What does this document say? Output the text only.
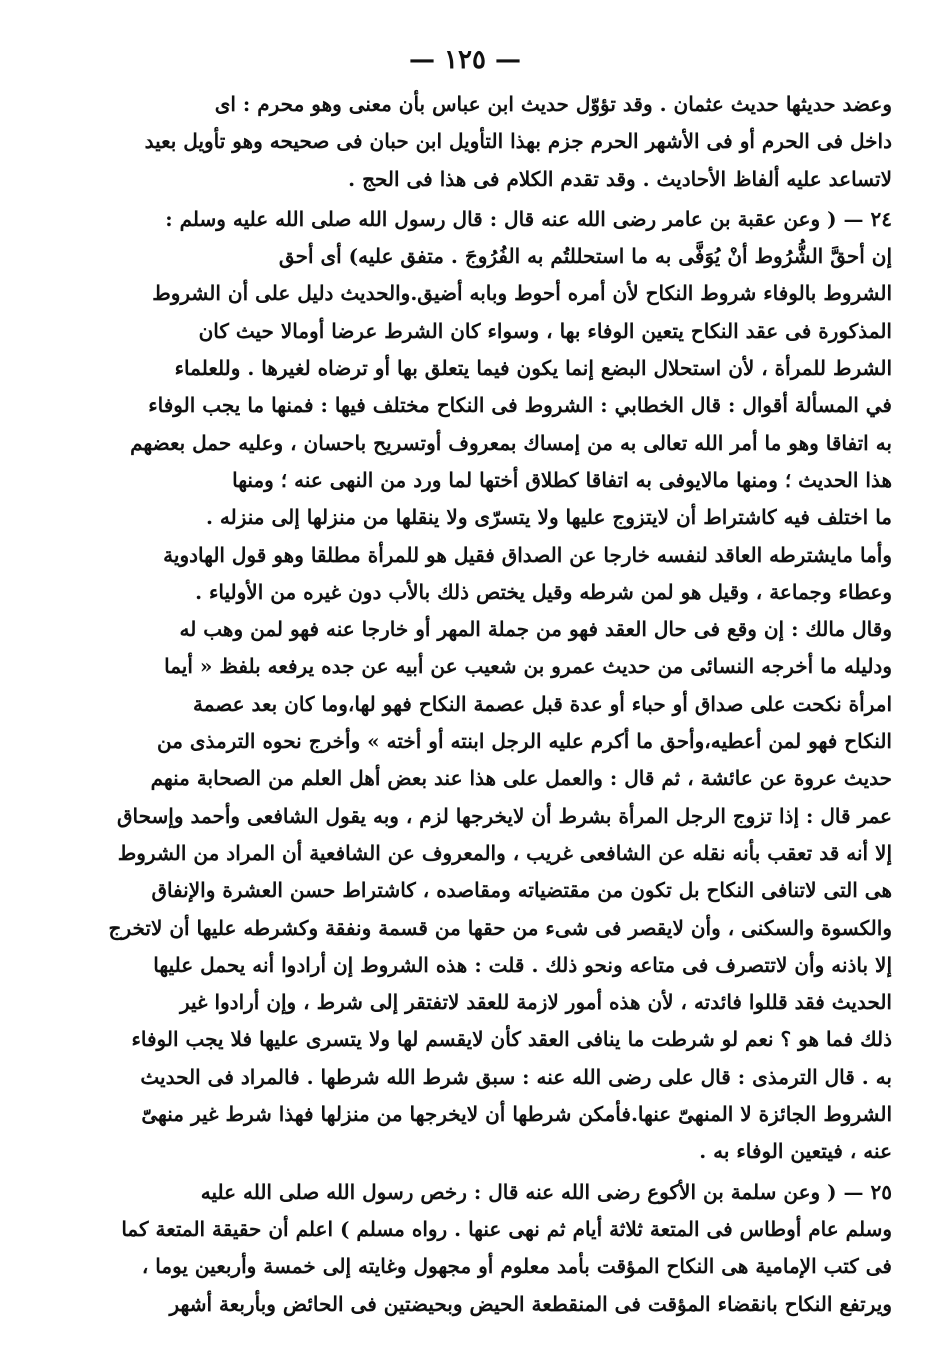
— ١٢٥ —
وعضد حديثها حديث عثمان . وقد تؤوّل حديث ابن عباس بأن معنى وهو محرم : اى
داخل فى الحرم أو فى الأشهر الحرم جزم بهذا التأويل ابن حبان فى صحيحه وهو تأويل بعيد
لاتساعد عليه ألفاظ الأحاديث . وقد تقدم الكلام فى هذا فى الحج .
٢٤ — ( وعن عقبة بن عامر رضى الله عنه قال : قال رسول الله صلى الله عليه وسلم :
إن أحقَّ الشُّرُوط أنْ يُوَفَّى به ما استحللتُم به الفُرُوجَ . متفق عليه) أى أحق
الشروط بالوفاء شروط النكاح لأن أمره أحوط وبابه أضيق.والحديث دليل على أن الشروط
المذكورة فى عقد النكاح يتعين الوفاء بها ، وسواء كان الشرط عرضا أومالا حيث كان
الشرط للمرأة ، لأن استحلال البضع إنما يكون فيما يتعلق بها أو ترضاه لغيرها . وللعلماء
في المسألة أقوال : قال الخطابي : الشروط فى النكاح مختلف فيها : فمنها ما يجب الوفاء
به اتفاقا وهو ما أمر الله تعالى به من إمساك بمعروف أوتسريح باحسان ، وعليه حمل بعضهم
هذا الحديث ؛ ومنها مالايوفى به اتفاقا كطلاق أختها لما ورد من النهى عنه ؛ ومنها
ما اختلف فيه كاشتراط أن لايتزوج عليها ولا يتسرّى ولا ينقلها من منزلها إلى منزله .
وأما مايشترطه العاقد لنفسه خارجا عن الصداق فقيل هو للمرأة مطلقا وهو قول الهادوية
وعطاء وجماعة ، وقيل هو لمن شرطه وقيل يختص ذلك بالأب دون غيره من الأولياء .
وقال مالك : إن وقع فى حال العقد فهو من جملة المهر أو خارجا عنه فهو لمن وهب له
ودليله ما أخرجه النسائى من حديث عمرو بن شعيب عن أبيه عن جده يرفعه بلفظ « أيما
امرأة نكحت على صداق أو حباء أو عدة قبل عصمة النكاح فهو لها،وما كان بعد عصمة
النكاح فهو لمن أعطيه،وأحق ما أكرم عليه الرجل ابنته أو أخته » وأخرج نحوه الترمذى من
حديث عروة عن عائشة ، ثم قال : والعمل على هذا عند بعض أهل العلم من الصحابة منهم
عمر قال : إذا تزوج الرجل المرأة بشرط أن لايخرجها لزم ، وبه يقول الشافعى وأحمد وإسحاق
إلا أنه قد تعقب بأنه نقله عن الشافعى غريب ، والمعروف عن الشافعية أن المراد من الشروط
هى التى لاتنافى النكاح بل تكون من مقتضياته ومقاصده ، كاشتراط حسن العشرة والإنفاق
والكسوة والسكنى ، وأن لايقصر فى شىء من حقها من قسمة ونفقة وكشرطه عليها أن لاتخرج
إلا باذنه وأن لاتتصرف فى متاعه ونحو ذلك . قلت : هذه الشروط إن أرادوا أنه يحمل عليها
الحديث فقد قللوا فائدته ، لأن هذه أمور لازمة للعقد لاتفتقر إلى شرط ، وإن أرادوا غير
ذلك فما هو ؟ نعم لو شرطت ما ينافى العقد كأن لايقسم لها ولا يتسرى عليها فلا يجب الوفاء
به . قال الترمذى : قال على رضى الله عنه : سبق شرط الله شرطها . فالمراد فى الحديث
الشروط الجائزة لا المنهىّ عنها.فأمكن شرطها أن لايخرجها من منزلها فهذا شرط غير منهىّ
عنه ، فيتعين الوفاء به .
٢٥ — ( وعن سلمة بن الأكوع رضى الله عنه قال : رخص رسول الله صلى الله عليه
وسلم عام أوطاس فى المتعة ثلاثة أيام ثم نهى عنها . رواه مسلم ) اعلم أن حقيقة المتعة كما
فى كتب الإمامية هى النكاح المؤقت بأمد معلوم أو مجهول وغايته إلى خمسة وأربعين يوما ،
ويرتفع النكاح بانقضاء المؤقت فى المنقطعة الحيض وبحيضتين فى الحائض وبأربعة أشهر
